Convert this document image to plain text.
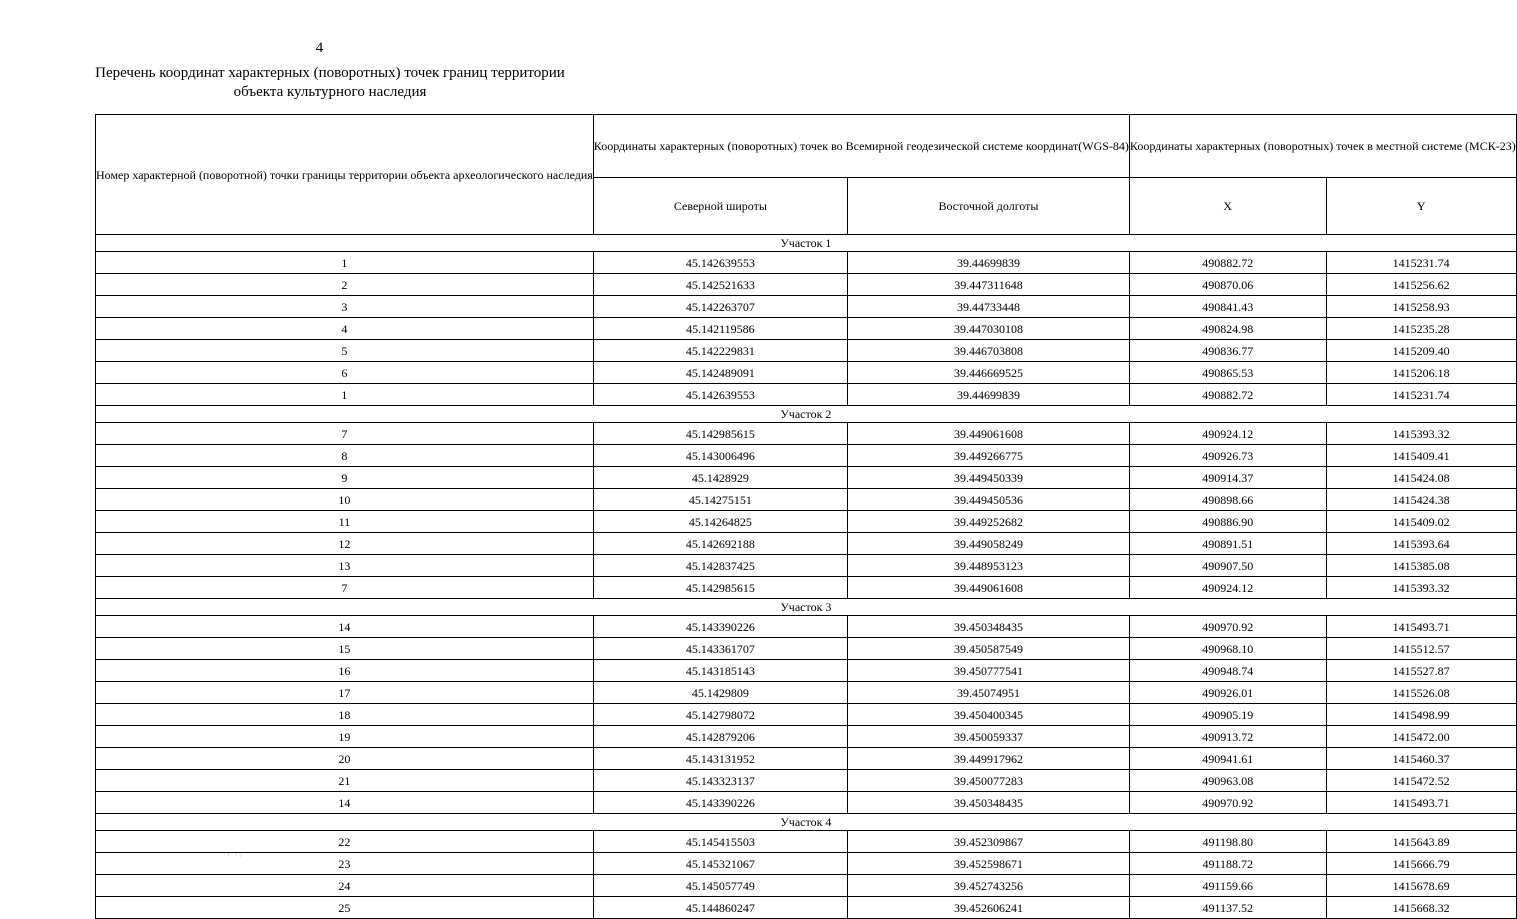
4
Перечень координат характерных (поворотных) точек границ территории
объекта культурного наследия
Номер характерной (поворотной) точки границы территории объекта археологического наследия	Координаты характерных (поворотных) точек во Всемирной геодезической системе координат(WGS-84)		Координаты характерных (поворотных) точек в местной системе (МСК-23)	
	Северной широты	Восточной долготы	X	Y
Участок 1				
1	45.142639553	39.44699839	490882.72	1415231.74
2	45.142521633	39.447311648	490870.06	1415256.62
3	45.142263707	39.44733448	490841.43	1415258.93
4	45.142119586	39.447030108	490824.98	1415235.28
5	45.142229831	39.446703808	490836.77	1415209.40
6	45.142489091	39.446669525	490865.53	1415206.18
1	45.142639553	39.44699839	490882.72	1415231.74
Участок 2				
7	45.142985615	39.449061608	490924.12	1415393.32
8	45.143006496	39.449266775	490926.73	1415409.41
9	45.1428929	39.449450339	490914.37	1415424.08
10	45.14275151	39.449450536	490898.66	1415424.38
11	45.14264825	39.449252682	490886.90	1415409.02
12	45.142692188	39.449058249	490891.51	1415393.64
13	45.142837425	39.448953123	490907.50	1415385.08
7	45.142985615	39.449061608	490924.12	1415393.32
Участок 3				
14	45.143390226	39.450348435	490970.92	1415493.71
15	45.143361707	39.450587549	490968.10	1415512.57
16	45.143185143	39.450777541	490948.74	1415527.87
17	45.1429809	39.45074951	490926.01	1415526.08
18	45.142798072	39.450400345	490905.19	1415498.99
19	45.142879206	39.450059337	490913.72	1415472.00
20	45.143131952	39.449917962	490941.61	1415460.37
21	45.143323137	39.450077283	490963.08	1415472.52
14	45.143390226	39.450348435	490970.92	1415493.71
Участок 4				
22	45.145415503	39.452309867	491198.80	1415643.89
23	45.145321067	39.452598671	491188.72	1415666.79
24	45.145057749	39.452743256	491159.66	1415678.69
25	45.144860247	39.452606241	491137.52	1415668.32
' '·
